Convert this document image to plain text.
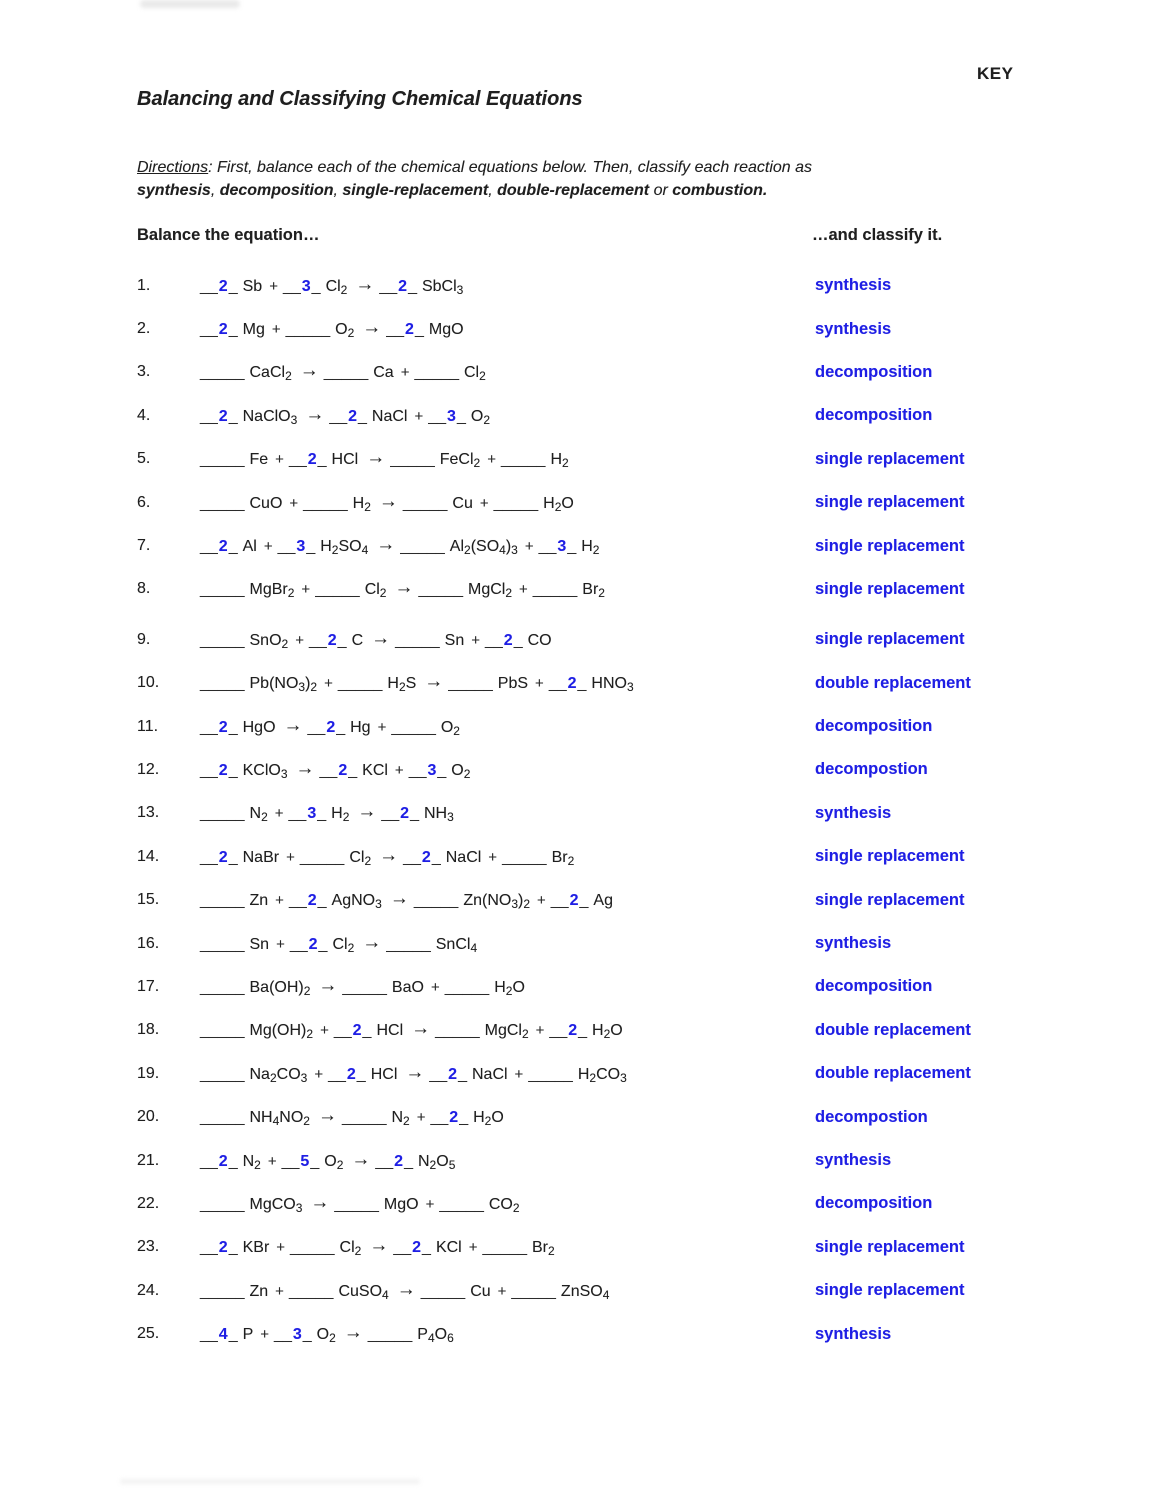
KEY
Balancing and Classifying Chemical Equations
Directions: First, balance each of the chemical equations below. Then, classify each reaction as
synthesis, decomposition, single-replacement, double-replacement or combustion.
Balance the equation…	…and classify it.
1.	__2_ Sb + __3_ $Cl_2$ → __2_ SbCl$_3$	synthesis
2.	__2_ Mg + _____ $O_2$ → __2_ MgO	synthesis
3.	_____ CaCl$_2$ → _____ Ca + _____ $Cl_2$	decomposition
4.	__2_ NaClO$_3$ → __2_ NaCl + __3_ $O_2$	decomposition
5.	_____ Fe + __2_ HCl → _____ FeCl$_2$ + _____ $H_2$	single replacement
6.	_____ CuO + _____ $H_2$ → _____ Cu + _____ $H_2O$	single replacement
7.	__2_ Al + __3_ $H_2SO_4$ → _____ $Al_2(SO_4)_3$ + __3_ $H_2$	single replacement
8.	_____ MgBr$_2$ + _____ $Cl_2$ → _____ MgCl$_2$ + _____ $Br_2$	single replacement
9.	_____ SnO$_2$ + __2_ C → _____ Sn + __2_ CO	single replacement
10.	_____ $Pb(NO_3)_2$ + _____ $H_2S$ → _____ PbS + __2_ $HNO_3$	double replacement
11.	__2_ HgO → __2_ Hg + _____ $O_2$	decomposition
12.	__2_ KClO$_3$ → __2_ KCl + __3_ $O_2$	decompostion
13.	_____ $N_2$ + __3_ $H_2$ → __2_ $NH_3$	synthesis
14.	__2_ NaBr + _____ $Cl_2$ → __2_ NaCl + _____ $Br_2$	single replacement
15.	_____ Zn + __2_ AgNO$_3$ → _____ $Zn(NO_3)_2$ + __2_ Ag	single replacement
16.	_____ Sn + __2_ $Cl_2$ → _____ SnCl$_4$	synthesis
17.	_____ $Ba(OH)_2$ → _____ BaO + _____ $H_2O$	decomposition
18.	_____ $Mg(OH)_2$ + __2_ HCl → _____ MgCl$_2$ + __2_ $H_2O$	double replacement
19.	_____ $Na_2CO_3$ + __2_ HCl → __2_ NaCl + _____ $H_2CO_3$	double replacement
20.	_____ $NH_4NO_2$ → _____ $N_2$ + __2_ $H_2O$	decompostion
21.	__2_ $N_2$ + __5_ $O_2$ → __2_ $N_2O_5$	synthesis
22.	_____ MgCO$_3$ → _____ MgO + _____ $CO_2$	decomposition
23.	__2_ KBr + _____ $Cl_2$ → __2_ KCl + _____ $Br_2$	single replacement
24.	_____ Zn + _____ CuSO$_4$ → _____ Cu + _____ ZnSO$_4$	single replacement
25.	__4_ P + __3_ $O_2$ → _____ $P_4O_6$	synthesis
